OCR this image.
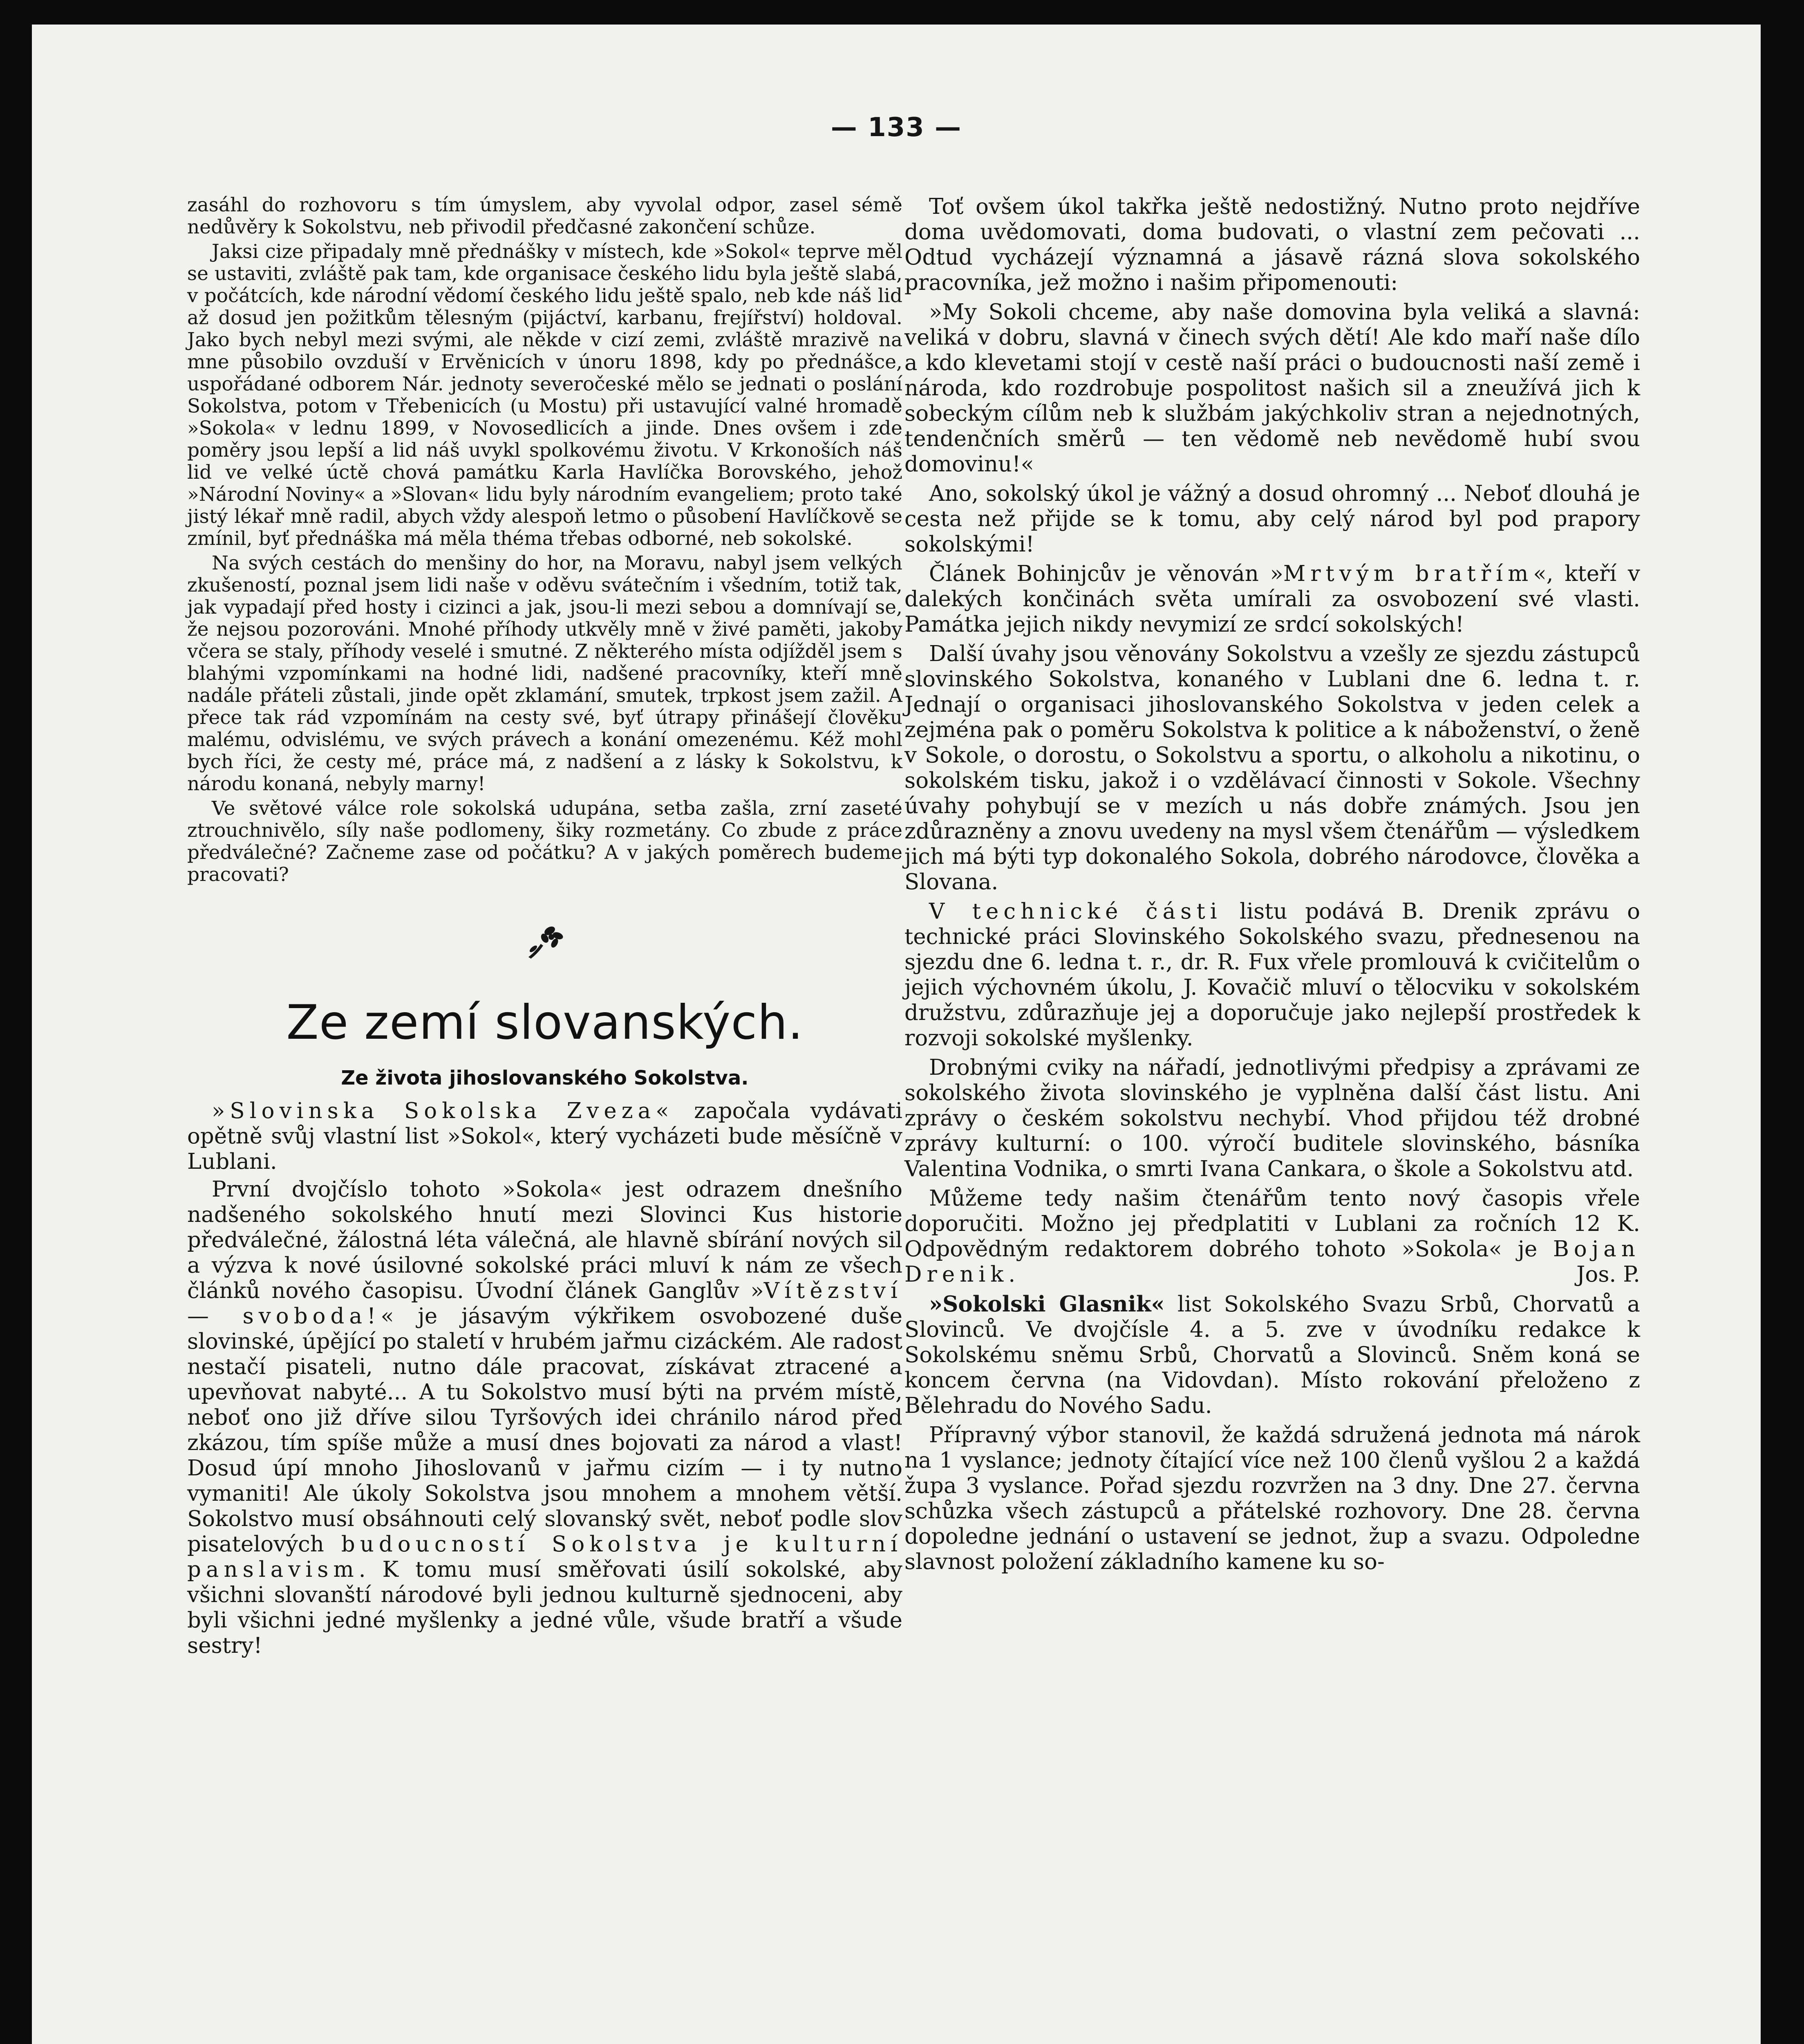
— 133 —

zasáhl do rozhovoru s tím úmyslem, aby vyvolal odpor, zasel sémě nedůvěry k Sokolstvu, neb přivodil předčasné zakončení schůze.

Jaksi cize připadaly mně přednášky v místech, kde »Sokol« teprve měl se ustaviti, zvláště pak tam, kde organisace českého lidu byla ještě slabá, v počátcích, kde národní vědomí českého lidu ještě spalo, neb kde náš lid až dosud jen požitkům tělesným (pijáctví, karbanu, frejířství) holdoval. Jako bych nebyl mezi svými, ale někde v cizí zemi, zvláště mrazivě na mne působilo ovzduší v Ervěnicích v únoru 1898, kdy po přednášce, uspořádané odborem Nár. jednoty severočeské mělo se jednati o poslání Sokolstva, potom v Třebenicích (u Mostu) při ustavující valné hromadě »Sokola« v lednu 1899, v Novosedlicích a jinde. Dnes ovšem i zde poměry jsou lepší a lid náš uvykl spolkovému životu. V Krkonoších náš lid ve velké úctě chová památku Karla Havlíčka Borovského, jehož »Národní Noviny« a »Slovan« lidu byly národním evangeliem; proto také jistý lékař mně radil, abych vždy alespoň letmo o působení Havlíčkově se zmínil, byť přednáška má měla théma třebas odborné, neb sokolské.

Na svých cestách do menšiny do hor, na Moravu, nabyl jsem velkých zkušeností, poznal jsem lidi naše v oděvu svátečním i všedním, totiž tak, jak vypadají před hosty i cizinci a jak, jsou-li mezi sebou a domnívají se, že nejsou pozorováni. Mnohé příhody utkvěly mně v živé paměti, jakoby včera se staly, příhody veselé i smutné. Z některého místa odjížděl jsem s blahými vzpomínkami na hodné lidi, nadšené pracovníky, kteří mně nadále přáteli zůstali, jinde opět zklamání, smutek, trpkost jsem zažil. A přece tak rád vzpomínám na cesty své, byť útrapy přinášejí člověku malému, odvislému, ve svých právech a konání omezenému. Kéž mohl bych říci, že cesty mé, práce má, z nadšení a z lásky k Sokolstvu, k národu konaná, nebyly marny!

Ve světové válce role sokolská udupána, setba zašla, zrní zaseté ztrouchnivělo, síly naše podlomeny, šiky rozmetány. Co zbude z práce předválečné? Začneme zase od počátku? A v jakých poměrech budeme pracovati?

Ze zemí slovanských.
Ze života jihoslovanského Sokolstva.

»Slovinska Sokolska Zveza« započala vydávati opětně svůj vlastní list »Sokol«, který vycházeti bude měsíčně v Lublani.

První dvojčíslo tohoto »Sokola« jest odrazem dnešního nadšeného sokolského hnutí mezi Slovinci Kus historie předválečné, žálostná léta válečná, ale hlavně sbírání nových sil a výzva k nové úsilovné sokolské práci mluví k nám ze všech článků nového časopisu. Úvodní článek Ganglův »Vítězství — svoboda!« je jásavým výkřikem osvobozené duše slovinské, úpějící po staletí v hrubém jařmu cizáckém. Ale radost nestačí pisateli, nutno dále pracovat, získávat ztracené a upevňovat nabyté... A tu Sokolstvo musí býti na prvém místě, neboť ono již dříve silou Tyršových idei chránilo národ před zkázou, tím spíše může a musí dnes bojovati za národ a vlast! Dosud úpí mnoho Jihoslovanů v jařmu cizím — i ty nutno vymaniti! Ale úkoly Sokolstva jsou mnohem a mnohem větší. Sokolstvo musí obsáhnouti celý slovanský svět, neboť podle slov pisatelových budoucností Sokolstva je kulturní panslavism. K tomu musí směřovati úsilí sokolské, aby všichni slovanští národové byli jednou kulturně sjednoceni, aby byli všichni jedné myšlenky a jedné vůle, všude bratří a všude sestry!

Toť ovšem úkol takřka ještě nedostižný. Nutno proto nejdříve doma uvědomovati, doma budovati, o vlastní zem pečovati ... Odtud vycházejí významná a jásavě rázná slova sokolského pracovníka, jež možno i našim připomenouti:

»My Sokoli chceme, aby naše domovina byla veliká a slavná: veliká v dobru, slavná v činech svých dětí! Ale kdo maří naše dílo a kdo klevetami stojí v cestě naší práci o budoucnosti naší země i národa, kdo rozdrobuje pospolitost našich sil a zneužívá jich k sobeckým cílům neb k službám jakýchkoliv stran a nejednotných, tendenčních směrů — ten vědomě neb nevědomě hubí svou domovinu!«

Ano, sokolský úkol je vážný a dosud ohromný ... Neboť dlouhá je cesta než přijde se k tomu, aby celý národ byl pod prapory sokolskými!

Článek Bohinjcův je věnován »Mrtvým bratřím«, kteří v dalekých končinách světa umírali za osvobození své vlasti. Památka jejich nikdy nevymizí ze srdcí sokolských!

Další úvahy jsou věnovány Sokolstvu a vzešly ze sjezdu zástupců slovinského Sokolstva, konaného v Lublani dne 6. ledna t. r. Jednají o organisaci jihoslovanského Sokolstva v jeden celek a zejména pak o poměru Sokolstva k politice a k náboženství, o ženě v Sokole, o dorostu, o Sokolstvu a sportu, o alkoholu a nikotinu, o sokolském tisku, jakož i o vzdělávací činnosti v Sokole. Všechny úvahy pohybují se v mezích u nás dobře známých. Jsou jen zdůrazněny a znovu uvedeny na mysl všem čtenářům — výsledkem jich má býti typ dokonalého Sokola, dobrého národovce, člověka a Slovana.

V technické části listu podává B. Drenik zprávu o technické práci Slovinského Sokolského svazu, přednesenou na sjezdu dne 6. ledna t. r., dr. R. Fux vřele promlouvá k cvičitelům o jejich výchovném úkolu, J. Kovačič mluví o tělocviku v sokolském družstvu, zdůrazňuje jej a doporučuje jako nejlepší prostředek k rozvoji sokolské myšlenky.

Drobnými cviky na nářadí, jednotlivými předpisy a zprávami ze sokolského života slovinského je vyplněna další část listu. Ani zprávy o českém sokolstvu nechybí. Vhod přijdou též drobné zprávy kulturní: o 100. výročí buditele slovinského, básníka Valentina Vodnika, o smrti Ivana Cankara, o škole a Sokolstvu atd.

Můžeme tedy našim čtenářům tento nový časopis vřele doporučiti. Možno jej předplatiti v Lublani za ročních 12 K. Odpovědným redaktorem dobrého tohoto »Sokola« je Bojan Drenik.	Jos. P.

»Sokolski Glasnik« list Sokolského Svazu Srbů, Chorvatů a Slovinců. Ve dvojčísle 4. a 5. zve v úvodníku redakce k Sokolskému sněmu Srbů, Chorvatů a Slovinců. Sněm koná se koncem června (na Vidovdan). Místo rokování přeloženo z Bělehradu do Nového Sadu.

Přípravný výbor stanovil, že každá sdružená jednota má nárok na 1 vyslance; jednoty čítající více než 100 členů vyšlou 2 a každá župa 3 vyslance. Pořad sjezdu rozvržen na 3 dny. Dne 27. června schůzka všech zástupců a přátelské rozhovory. Dne 28. června dopoledne jednání o ustavení se jednot, žup a svazu. Odpoledne slavnost položení základního kamene ku so-
